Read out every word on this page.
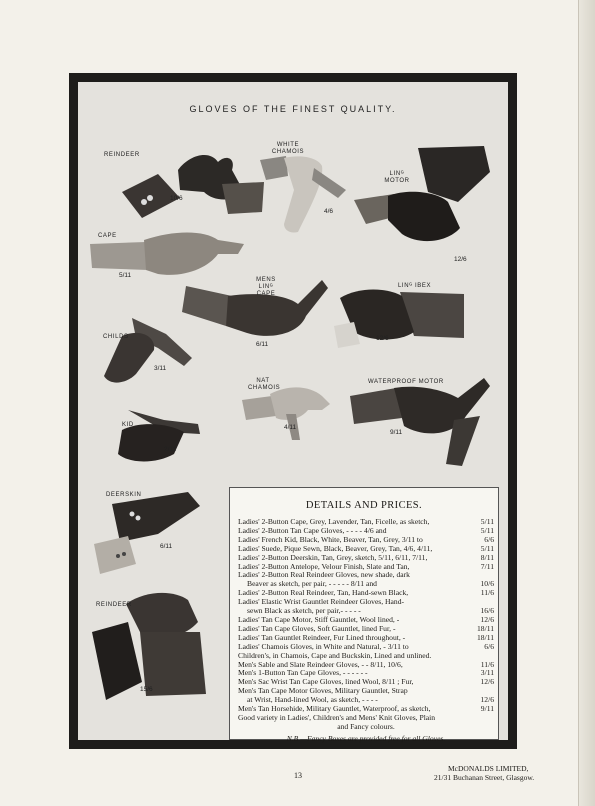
GLOVES OF THE FINEST QUALITY.
REINDEER
10/6
WHITE CHAMOIS
4/6
LINᴳ MOTOR
12/6
CAPE
5/11
MENS LINᴳ CAPE
6/11
LINᴳ IBEX
12/6
CHILDS
3/11
NAT CHAMOIS
4/11
WATERPROOF MOTOR
9/11
KID
2/11
DEERSKIN
6/11
REINDEER
15/6
DETAILS AND PRICES.
Ladies' 2-Button Cape, Grey, Lavender, Tan, Ficelle, as sketch,	5/11
Ladies' 2-Button Tan Cape Gloves, - - - - 4/6 and	5/11
Ladies' French Kid, Black, White, Beaver, Tan, Grey, 3/11 to	6/6
Ladies' Suede, Pique Sewn, Black, Beaver, Grey, Tan, 4/6, 4/11,	5/11
Ladies' 2-Button Deerskin, Tan, Grey, sketch, 5/11, 6/11, 7/11,	8/11
Ladies' 2-Button Antelope, Velour Finish, Slate and Tan,	7/11
Ladies' 2-Button Real Reindeer Gloves, new shade, dark
Beaver as sketch, per pair, - - - - - 8/11 and	10/6
Ladies' 2-Button Real Reindeer, Tan, Hand-sewn Black,	11/6
Ladies' Elastic Wrist Gauntlet Reindeer Gloves, Hand-
sewn Black as sketch, per pair,- - - - -	16/6
Ladies' Tan Cape Motor, Stiff Gauntlet, Wool lined, -	12/6
Ladies' Tan Cape Gloves, Soft Gauntlet, lined Fur, -	18/11
Ladies' Tan Gauntlet Reindeer, Fur Lined throughout, -	18/11
Ladies' Chamois Gloves, in White and Natural, - 3/11 to	6/6
Children's, in Chamois, Cape and Buckskin, Lined and unlined.
Men's Sable and Slate Reindeer Gloves, - - 8/11, 10/6,	11/6
Men's 1-Button Tan Cape Gloves, - - - - - -	3/11
Men's Sac Wrist Tan Cape Gloves, lined Wool, 8/11 ; Fur,	12/6
Men's Tan Cape Motor Gloves, Military Gauntlet, Strap
at Wrist, Hand-lined Wool, as sketch, - - - -	12/6
Men's Tan Horsehide, Military Gauntlet, Waterproof, as sketch,	9/11
Good variety in Ladies', Children's and Mens' Knit Gloves, Plain
and Fancy colours.
N.B.—Fancy Boxes are provided free for all Gloves.
13
McDONALDS LIMITED,
21/31 Buchanan Street, Glasgow.
